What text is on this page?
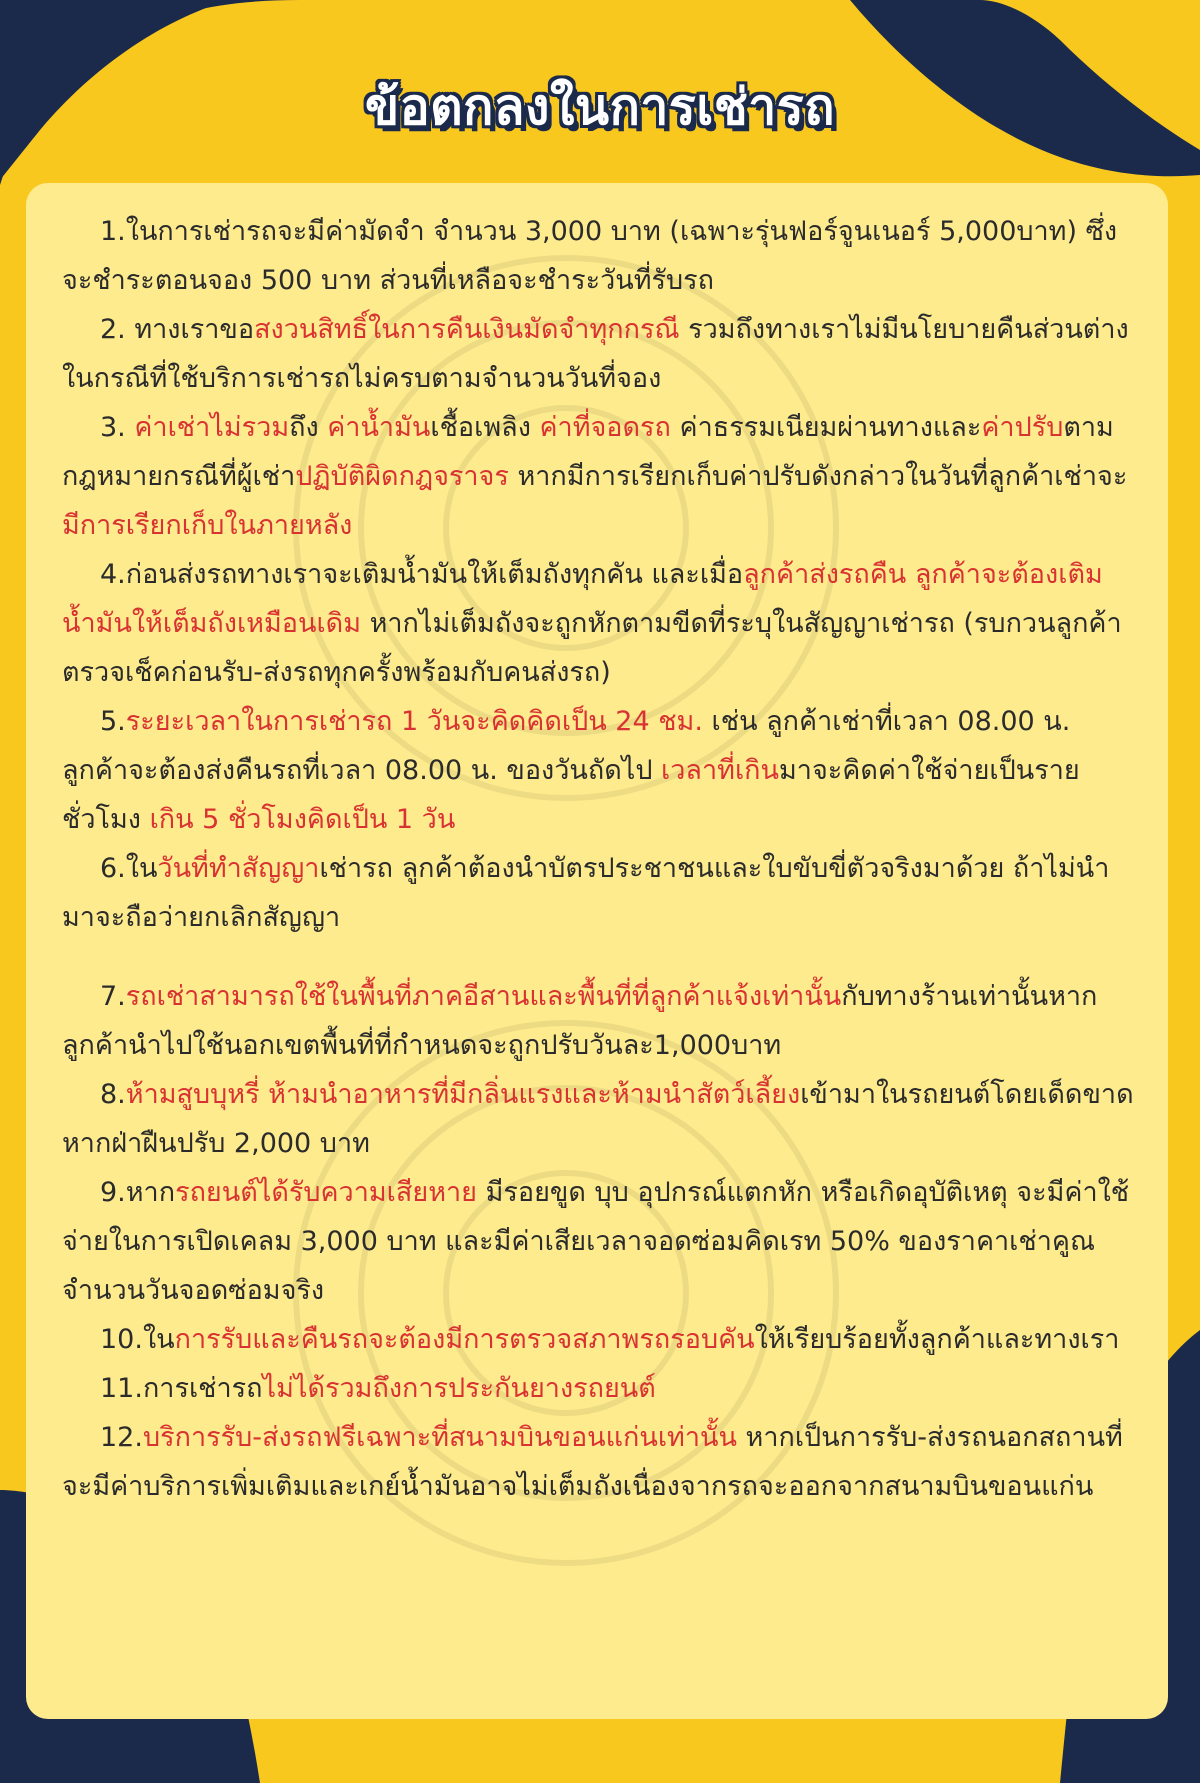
ข้อตกลงในการเช่ารถ

1.ในการเช่ารถจะมีค่ามัดจำ จำนวน 3,000 บาท (เฉพาะรุ่นฟอร์จูนเนอร์ 5,000บาท) ซึ่งจะชำระตอนจอง 500 บาท ส่วนที่เหลือจะชำระวันที่รับรถ

2. ทางเราขอสงวนสิทธิ์ในการคืนเงินมัดจำทุกกรณี รวมถึงทางเราไม่มีนโยบายคืนส่วนต่างในกรณีที่ใช้บริการเช่ารถไม่ครบตามจำนวนวันที่จอง

3. ค่าเช่าไม่รวมถึง ค่าน้ำมันเชื้อเพลิง ค่าที่จอดรถ ค่าธรรมเนียมผ่านทางและค่าปรับตามกฎหมายกรณีที่ผู้เช่าปฏิบัติผิดกฎจราจร หากมีการเรียกเก็บค่าปรับดังกล่าวในวันที่ลูกค้าเช่าจะมีการเรียกเก็บในภายหลัง

4.ก่อนส่งรถทางเราจะเติมน้ำมันให้เต็มถังทุกคัน และเมื่อลูกค้าส่งรถคืน ลูกค้าจะต้องเติมน้ำมันให้เต็มถังเหมือนเดิม หากไม่เต็มถังจะถูกหักตามขีดที่ระบุในสัญญาเช่ารถ (รบกวนลูกค้าตรวจเช็คก่อนรับ-ส่งรถทุกครั้งพร้อมกับคนส่งรถ)

5.ระยะเวลาในการเช่ารถ 1 วันจะคิดคิดเป็น 24 ชม. เช่น ลูกค้าเช่าที่เวลา 08.00 น. ลูกค้าจะต้องส่งคืนรถที่เวลา 08.00 น. ของวันถัดไป เวลาที่เกินมาจะคิดค่าใช้จ่ายเป็นรายชั่วโมง เกิน 5 ชั่วโมงคิดเป็น 1 วัน

6.ในวันที่ทำสัญญาเช่ารถ ลูกค้าต้องนำบัตรประชาชนและใบขับขี่ตัวจริงมาด้วย ถ้าไม่นำมาจะถือว่ายกเลิกสัญญา

7.รถเช่าสามารถใช้ในพื้นที่ภาคอีสานและพื้นที่ที่ลูกค้าแจ้งเท่านั้นกับทางร้านเท่านั้นหากลูกค้านำไปใช้นอกเขตพื้นที่ที่กำหนดจะถูกปรับวันละ1,000บาท

8.ห้ามสูบบุหรี่ ห้ามนำอาหารที่มีกลิ่นแรงและห้ามนำสัตว์เลี้ยงเข้ามาในรถยนต์โดยเด็ดขาดหากฝ่าฝืนปรับ 2,000 บาท

9.หากรถยนต์ได้รับความเสียหาย มีรอยขูด บุบ อุปกรณ์แตกหัก หรือเกิดอุบัติเหตุ จะมีค่าใช้จ่ายในการเปิดเคลม 3,000 บาท และมีค่าเสียเวลาจอดซ่อมคิดเรท 50% ของราคาเช่าคูณจำนวนวันจอดซ่อมจริง

10.ในการรับและคืนรถจะต้องมีการตรวจสภาพรถรอบคันให้เรียบร้อยทั้งลูกค้าและทางเรา

11.การเช่ารถไม่ได้รวมถึงการประกันยางรถยนต์

12.บริการรับ-ส่งรถฟรีเฉพาะที่สนามบินขอนแก่นเท่านั้น หากเป็นการรับ-ส่งรถนอกสถานที่จะมีค่าบริการเพิ่มเติมและเกย์น้ำมันอาจไม่เต็มถังเนื่องจากรถจะออกจากสนามบินขอนแก่น
